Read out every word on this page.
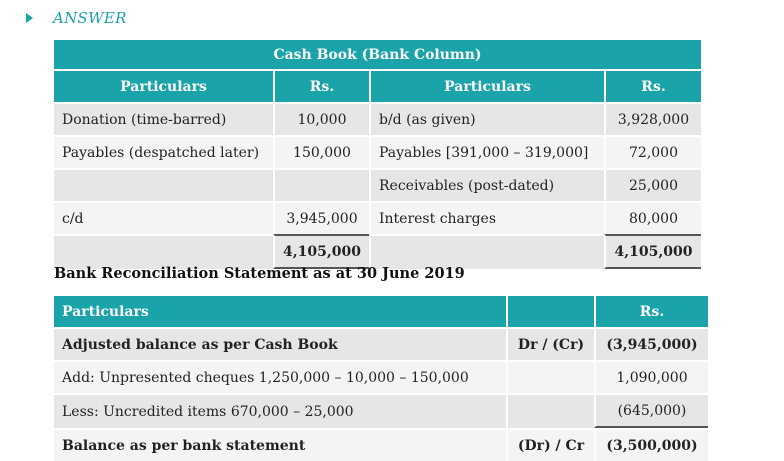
ANSWER
Cash Book (Bank Column)			
Particulars	Rs.	Particulars	Rs.
Donation (time-barred)	10,000	b/d (as given)	3,928,000
Payables (despatched later)	150,000	Payables [391,000 – 319,000]	72,000
		Receivables (post-dated)	25,000
c/d	3,945,000	Interest charges	80,000
	4,105,000		4,105,000
Bank Reconciliation Statement as at 30 June 2019
Particulars		Rs.
Adjusted balance as per Cash Book	Dr / (Cr)	(3,945,000)
Add: Unpresented cheques 1,250,000 – 10,000 – 150,000		1,090,000
Less: Uncredited items 670,000 – 25,000		(645,000)
Balance as per bank statement	(Dr) / Cr	(3,500,000)
